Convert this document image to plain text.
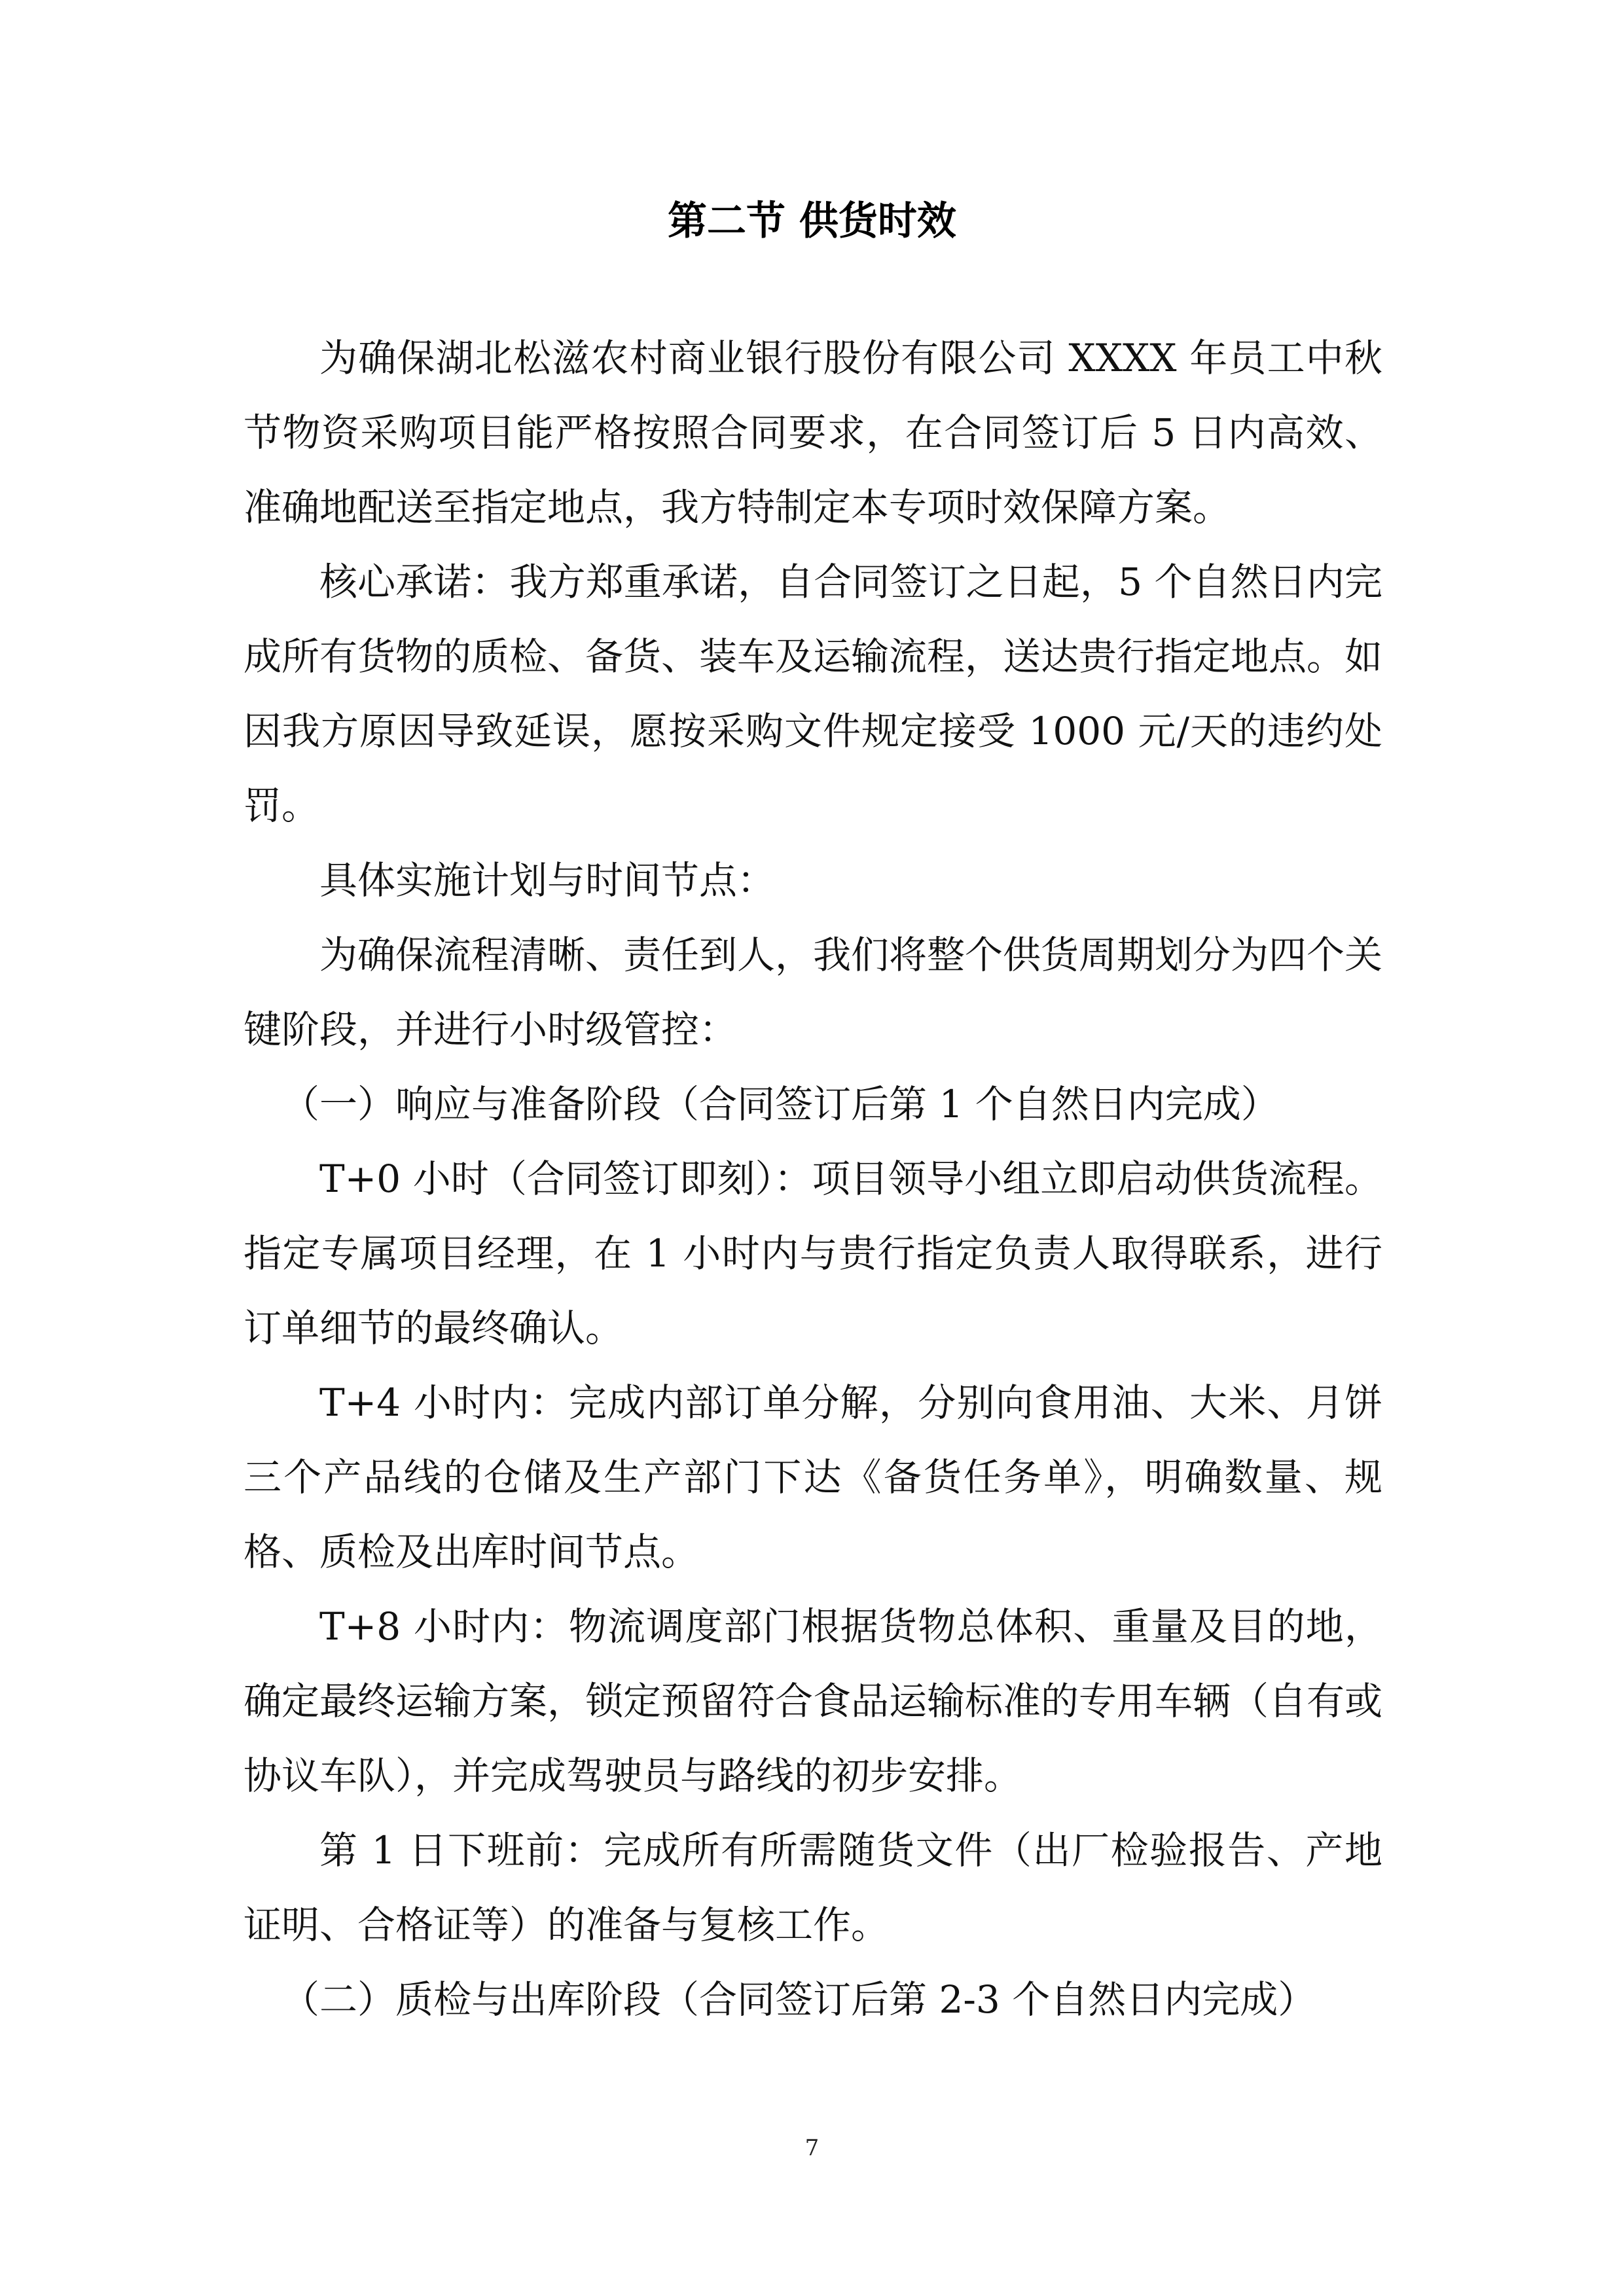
第二节 供货时效

为确保湖北松滋农村商业银行股份有限公司 XXXX 年员工中秋节物资采购项目能严格按照合同要求，在合同签订后 5 日内高效、准确地配送至指定地点，我方特制定本专项时效保障方案。

核心承诺：我方郑重承诺，自合同签订之日起，5 个自然日内完成所有货物的质检、备货、装车及运输流程，送达贵行指定地点。如因我方原因导致延误，愿按采购文件规定接受 1000 元/天的违约处罚。

具体实施计划与时间节点：

为确保流程清晰、责任到人，我们将整个供货周期划分为四个关键阶段，并进行小时级管控：

（一）响应与准备阶段（合同签订后第 1 个自然日内完成）

T+0 小时（合同签订即刻）：项目领导小组立即启动供货流程。指定专属项目经理，在 1 小时内与贵行指定负责人取得联系，进行订单细节的最终确认。

T+4 小时内：完成内部订单分解，分别向食用油、大米、月饼三个产品线的仓储及生产部门下达《备货任务单》，明确数量、规格、质检及出库时间节点。

T+8 小时内：物流调度部门根据货物总体积、重量及目的地，确定最终运输方案，锁定预留符合食品运输标准的专用车辆（自有或协议车队），并完成驾驶员与路线的初步安排。

第 1 日下班前：完成所有所需随货文件（出厂检验报告、产地证明、合格证等）的准备与复核工作。

（二）质检与出库阶段（合同签订后第 2-3 个自然日内完成）

7
